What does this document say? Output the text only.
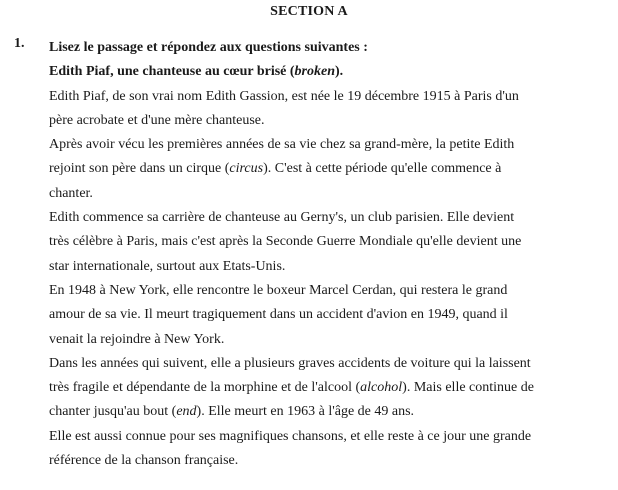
SECTION A
1. Lisez le passage et répondez aux questions suivantes :
Edith Piaf, une chanteuse au cœur brisé (broken).
Edith Piaf, de son vrai nom Edith Gassion, est née le 19 décembre 1915 à Paris d'un
père acrobate et d'une mère chanteuse.
Après avoir vécu les premières années de sa vie chez sa grand-mère, la petite Edith
rejoint son père dans un cirque (circus). C'est à cette période qu'elle commence à
chanter.
Edith commence sa carrière de chanteuse au Gerny's, un club parisien. Elle devient
très célèbre à Paris, mais c'est après la Seconde Guerre Mondiale qu'elle devient une
star internationale, surtout aux Etats-Unis.
En 1948 à New York, elle rencontre le boxeur Marcel Cerdan, qui restera le grand
amour de sa vie. Il meurt tragiquement dans un accident d'avion en 1949, quand il
venait la rejoindre à New York.
Dans les années qui suivent, elle a plusieurs graves accidents de voiture qui la laissent
très fragile et dépendante de la morphine et de l'alcool (alcohol). Mais elle continue de
chanter jusqu'au bout (end). Elle meurt en 1963 à l'âge de 49 ans.
Elle est aussi connue pour ses magnifiques chansons, et elle reste à ce jour une grande
référence de la chanson française.
